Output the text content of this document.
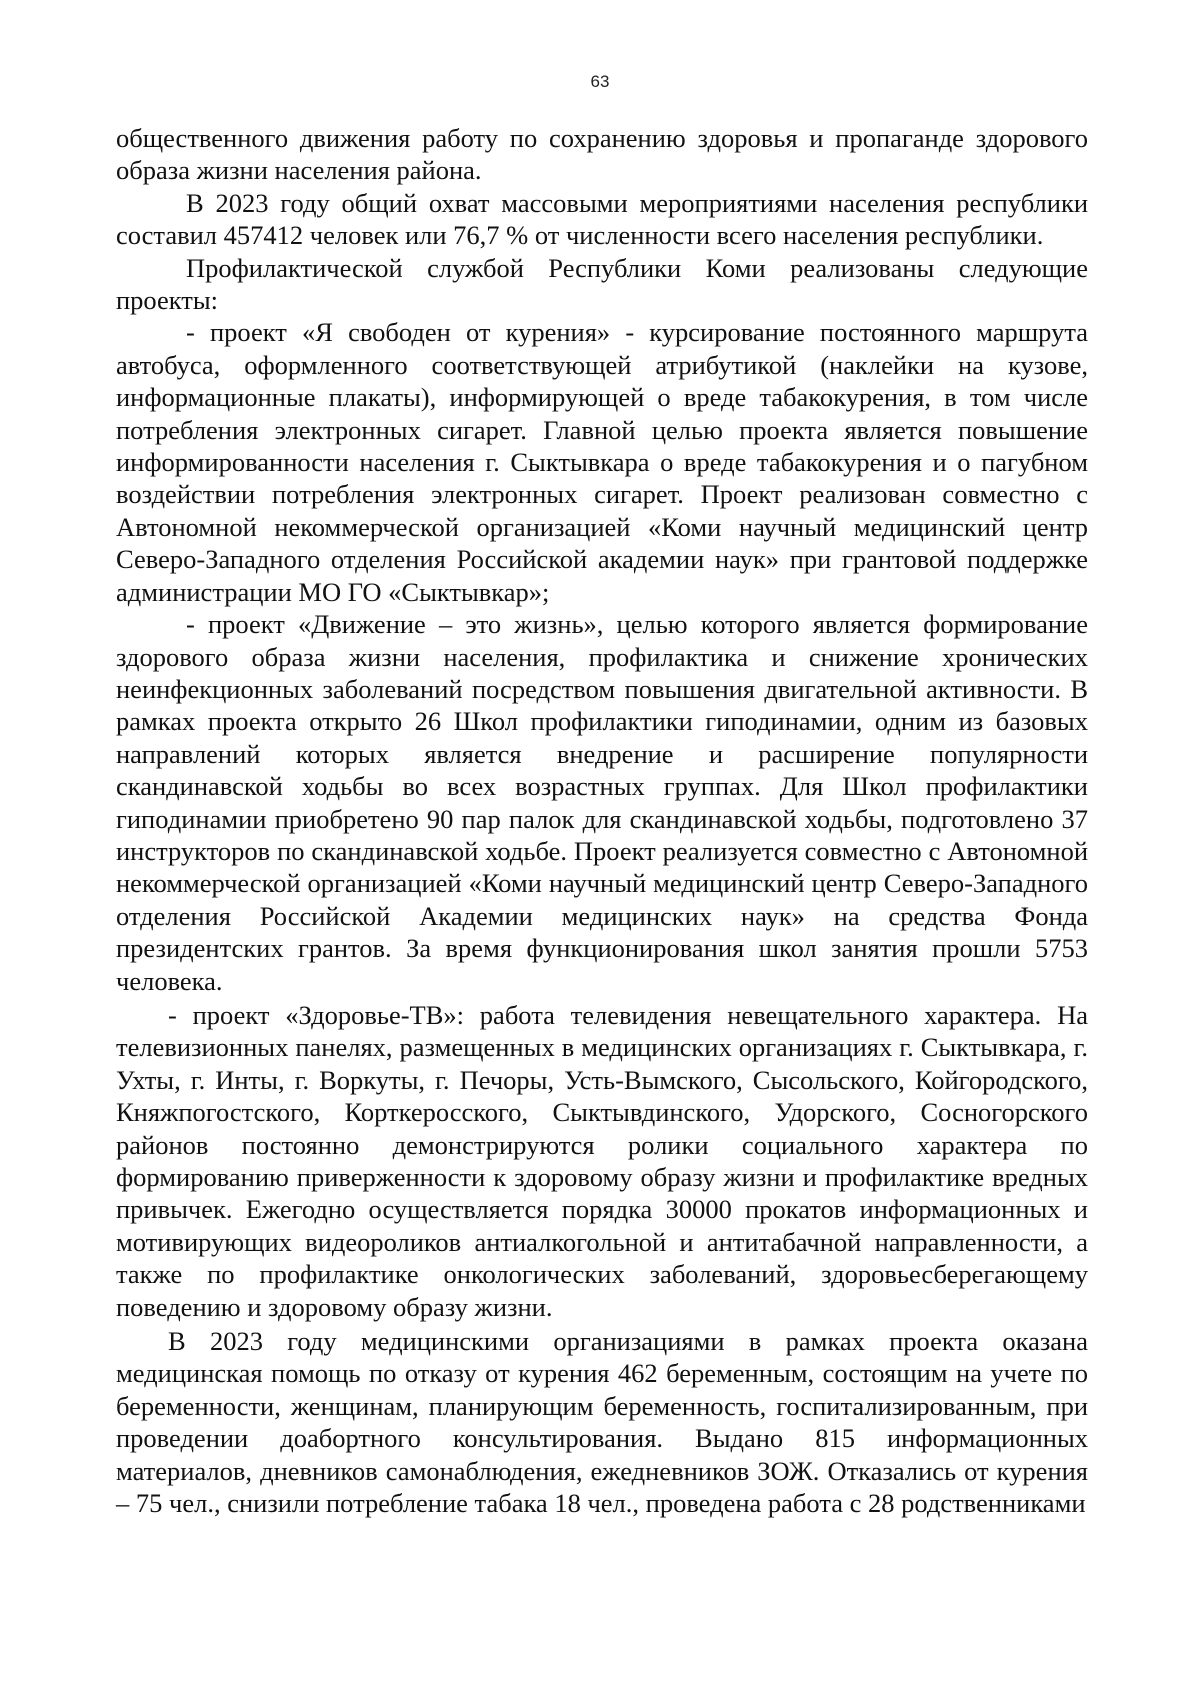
63

общественного движения работу по сохранению здоровья и пропаганде здорового образа жизни населения района.

В 2023 году общий охват массовыми мероприятиями населения республики составил 457412 человек или 76,7 % от численности всего населения республики.

Профилактической службой Республики Коми реализованы следующие проекты:

- проект «Я свободен от курения» - курсирование постоянного маршрута автобуса, оформленного соответствующей атрибутикой (наклейки на кузове, информационные плакаты), информирующей о вреде табакокурения, в том числе потребления электронных сигарет. Главной целью проекта является повышение информированности населения г. Сыктывкара о вреде табакокурения и о пагубном воздействии потребления электронных сигарет. Проект реализован совместно с Автономной некоммерческой организацией «Коми научный медицинский центр Северо-Западного отделения Российской академии наук» при грантовой поддержке администрации МО ГО «Сыктывкар»;

- проект «Движение – это жизнь», целью которого является формирование здорового образа жизни населения, профилактика и снижение хронических неинфекционных заболеваний посредством повышения двигательной активности. В рамках проекта открыто 26 Школ профилактики гиподинамии, одним из базовых направлений которых является внедрение и расширение популярности скандинавской ходьбы во всех возрастных группах. Для Школ профилактики гиподинамии приобретено 90 пар палок для скандинавской ходьбы, подготовлено 37 инструкторов по скандинавской ходьбе. Проект реализуется совместно с Автономной некоммерческой организацией «Коми научный медицинский центр Северо-Западного отделения Российской Академии медицинских наук» на средства Фонда президентских грантов. За время функционирования школ занятия прошли 5753 человека.

- проект «Здоровье-ТВ»: работа телевидения невещательного характера. На телевизионных панелях, размещенных в медицинских организациях г. Сыктывкара, г. Ухты, г. Инты, г. Воркуты, г. Печоры, Усть-Вымского, Сысольского, Койгородского, Княжпогостского, Корткеросского, Сыктывдинского, Удорского, Сосногорского районов постоянно демонстрируются ролики социального характера по формированию приверженности к здоровому образу жизни и профилактике вредных привычек. Ежегодно осуществляется порядка 30000 прокатов информационных и мотивирующих видеороликов антиалкогольной и антитабачной направленности, а также по профилактике онкологических заболеваний, здоровьесберегающему поведению и здоровому образу жизни.

В 2023 году медицинскими организациями в рамках проекта оказана медицинская помощь по отказу от курения 462 беременным, состоящим на учете по беременности, женщинам, планирующим беременность, госпитализированным, при проведении доабортного консультирования. Выдано 815 информационных материалов, дневников самонаблюдения, ежедневников ЗОЖ. Отказались от курения – 75 чел., снизили потребление табака 18 чел., проведена работа с 28 родственниками
